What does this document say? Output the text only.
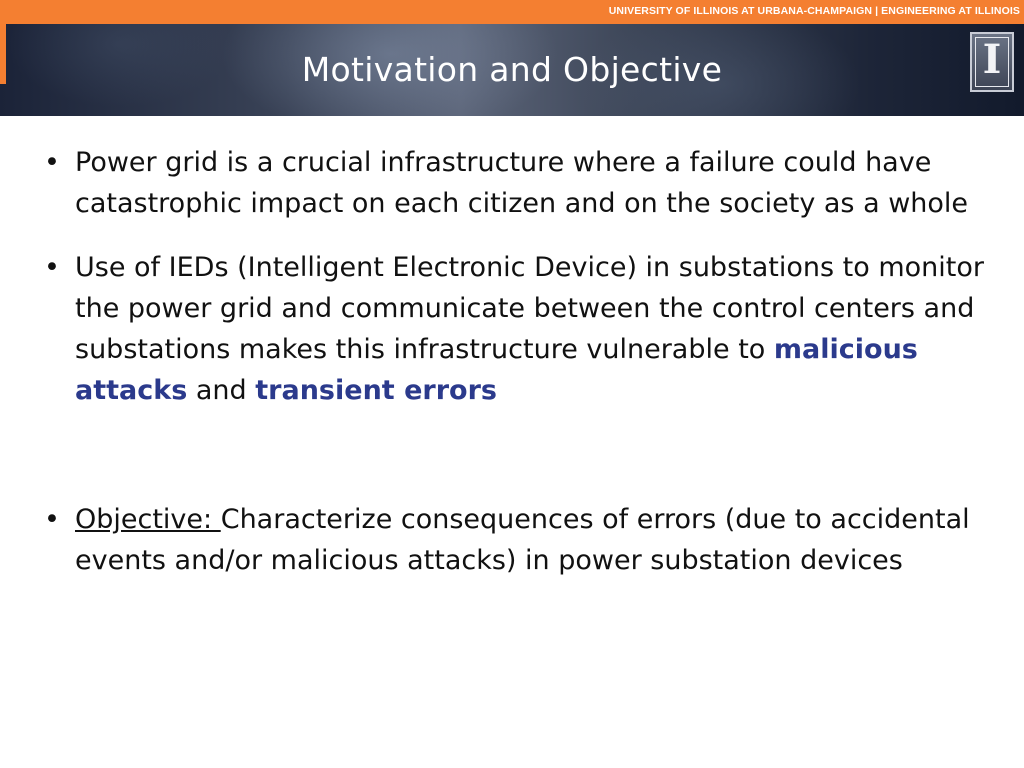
UNIVERSITY OF ILLINOIS AT URBANA-CHAMPAIGN | ENGINEERING AT ILLINOIS
Motivation and Objective	I
• Power grid is a crucial infrastructure where a failure could have catastrophic impact on each citizen and on the society as a whole
• Use of IEDs (Intelligent Electronic Device) in substations to monitor the power grid and communicate between the control centers and substations makes this infrastructure vulnerable to malicious attacks and transient errors
• Objective: Characterize consequences of errors (due to accidental events and/or malicious attacks) in power substation devices
